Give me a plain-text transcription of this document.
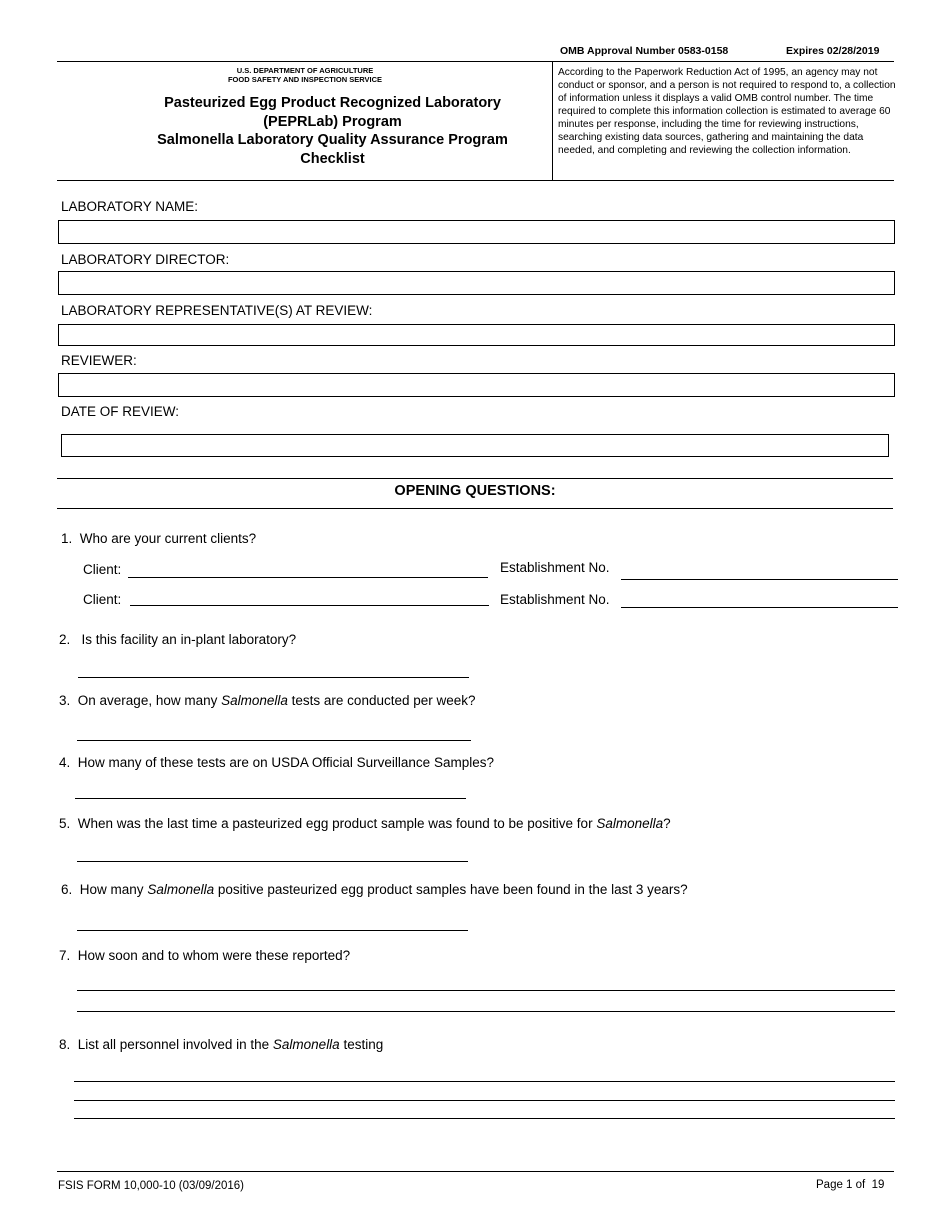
OMB Approval Number 0583-0158	Expires 02/28/2019
U.S. DEPARTMENT OF AGRICULTURE
FOOD SAFETY AND INSPECTION SERVICE
Pasteurized Egg Product Recognized Laboratory
(PEPRLab) Program
Salmonella Laboratory Quality Assurance Program
Checklist
According to the Paperwork Reduction Act of 1995, an agency may not conduct or sponsor, and a person is not required to respond to, a collection of information unless it displays a valid OMB control number. The time required to complete this information collection is estimated to average 60 minutes per response, including the time for reviewing instructions, searching existing data sources, gathering and maintaining the data needed, and completing and reviewing the collection information.
LABORATORY NAME:
LABORATORY DIRECTOR:
LABORATORY REPRESENTATIVE(S) AT REVIEW:
REVIEWER:
DATE OF REVIEW:
OPENING QUESTIONS:
1. Who are your current clients?
Client:	Establishment No.
Client:	Establishment No.
2. Is this facility an in-plant laboratory?
3. On average, how many Salmonella tests are conducted per week?
4. How many of these tests are on USDA Official Surveillance Samples?
5. When was the last time a pasteurized egg product sample was found to be positive for Salmonella?
6. How many Salmonella positive pasteurized egg product samples have been found in the last 3 years?
7. How soon and to whom were these reported?
8. List all personnel involved in the Salmonella testing
FSIS FORM 10,000-10 (03/09/2016)	Page 1 of  19
